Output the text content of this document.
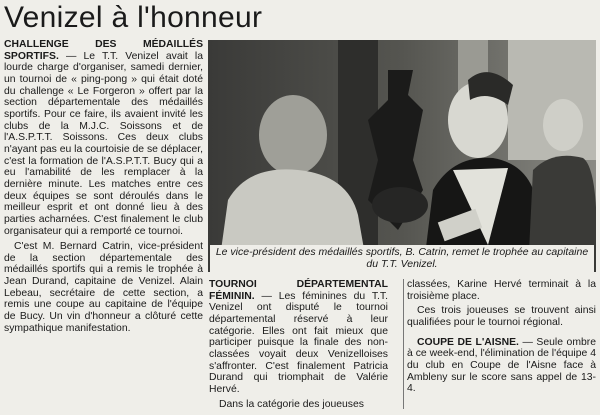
Venizel à l'honneur

CHALLENGE DES MÉDAILLÉS SPORTIFS. — Le T.T. Venizel avait la lourde charge d'organiser, samedi dernier, un tournoi de « ping-pong » qui était doté du challenge « Le Forgeron » offert par la section départementale des médaillés sportifs. Pour ce faire, ils avaient invité les clubs de la M.J.C. Soissons et de l'A.S.P.T.T. Soissons. Ces deux clubs n'ayant pas eu la courtoisie de se déplacer, c'est la formation de l'A.S.P.T.T. Bucy qui a eu l'amabilité de les remplacer à la dernière minute. Les matches entre ces deux équipes se sont déroulés dans le meilleur esprit et ont donné lieu à des parties acharnées. C'est finalement le club organisateur qui a remporté ce tournoi.

C'est M. Bernard Catrin, vice-président de la section départementale des médaillés sportifs qui a remis le trophée à Jean Durand, capitaine de Venizel. Alain Lebeau, secrétaire de cette section, a remis une coupe au capitaine de l'équipe de Bucy. Un vin d'honneur a clôturé cette sympathique manifestation.

Le vice-président des médaillés sportifs, B. Catrin, remet le trophée au capitaine du T.T. Venizel.

TOURNOI DÉPARTEMENTAL FÉMININ. — Les féminines du T.T. Venizel ont disputé le tournoi départemental réservé à leur catégorie. Elles ont fait mieux que participer puisque la finale des non-classées voyait deux Venizelloises s'affronter. C'est finalement Patricia Durand qui triomphait de Valérie Hervé.

Dans la catégorie des joueuses

classées, Karine Hervé terminait à la troisième place.

Ces trois joueuses se trouvent ainsi qualifiées pour le tournoi régional.

COUPE DE L'AISNE. — Seule ombre à ce week-end, l'élimination de l'équipe 4 du club en Coupe de l'Aisne face à Ambleny sur le score sans appel de 13-4.
